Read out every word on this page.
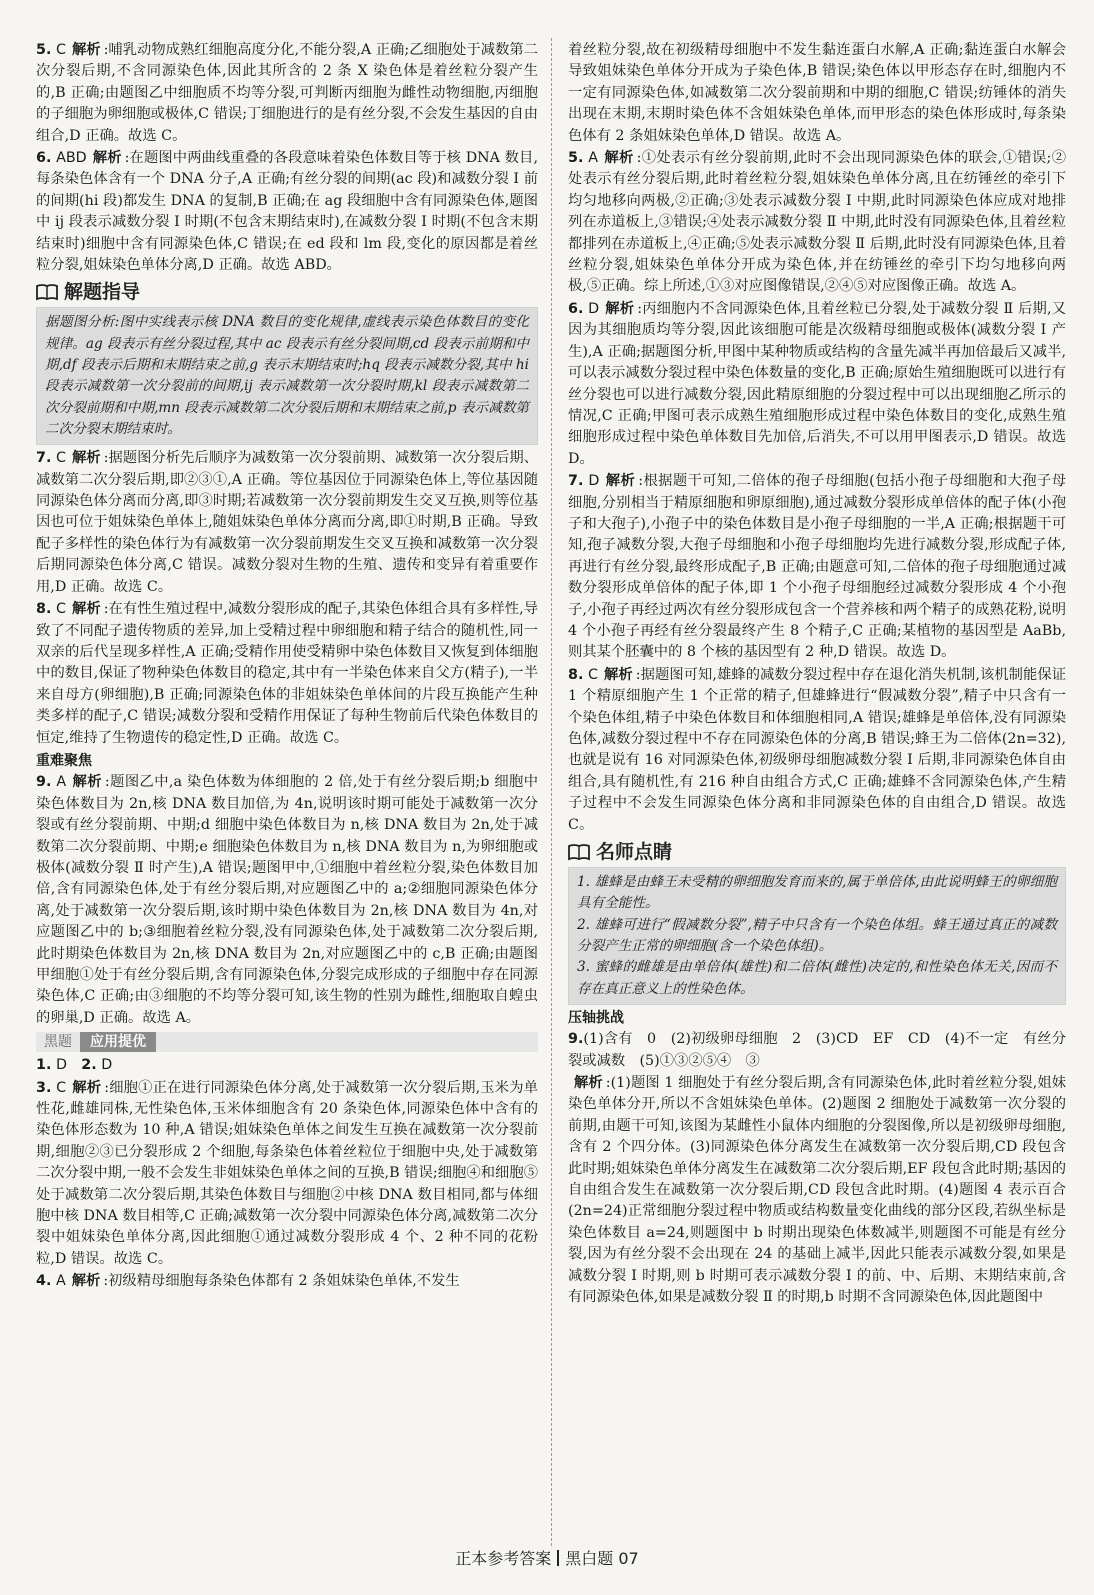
5. C 解析 :哺乳动物成熟红细胞高度分化,不能分裂,A 正确;乙细胞处于减数第二次分裂后期,不含同源染色体,因此其所含的 2 条 X 染色体是着丝粒分裂产生的,B 正确;由题图乙中细胞质不均等分裂,可判断丙细胞为雌性动物细胞,丙细胞的子细胞为卵细胞或极体,C 错误;丁细胞进行的是有丝分裂,不会发生基因的自由组合,D 正确。故选 C。

6. ABD 解析 :在题图中两曲线重叠的各段意味着染色体数目等于核 DNA 数目,每条染色体含有一个 DNA 分子,A 正确;有丝分裂的间期(ac 段)和减数分裂 Ⅰ 前的间期(hi 段)都发生 DNA 的复制,B 正确;在 ag 段细胞中含有同源染色体,题图中 ij 段表示减数分裂 Ⅰ 时期(不包含末期结束时),在减数分裂 Ⅰ 时期(不包含末期结束时)细胞中含有同源染色体,C 错误;在 ed 段和 lm 段,变化的原因都是着丝粒分裂,姐妹染色单体分离,D 正确。故选 ABD。

解题指导
据题图分析:图中实线表示核 DNA 数目的变化规律,虚线表示染色体数目的变化规律。ag 段表示有丝分裂过程,其中 ac 段表示有丝分裂间期,cd 段表示前期和中期,df 段表示后期和末期结束之前,g 表示末期结束时;hq 段表示减数分裂,其中 hi 段表示减数第一次分裂前的间期,ij 表示减数第一次分裂时期,kl 段表示减数第二次分裂前期和中期,mn 段表示减数第二次分裂后期和末期结束之前,p 表示减数第二次分裂末期结束时。

7. C 解析 :据题图分析先后顺序为减数第一次分裂前期、减数第一次分裂后期、减数第二次分裂后期,即②③①,A 正确。等位基因位于同源染色体上,等位基因随同源染色体分离而分离,即③时期;若减数第一次分裂前期发生交叉互换,则等位基因也可位于姐妹染色单体上,随姐妹染色单体分离而分离,即①时期,B 正确。导致配子多样性的染色体行为有减数第一次分裂前期发生交叉互换和减数第一次分裂后期同源染色体分离,C 错误。减数分裂对生物的生殖、遗传和变异有着重要作用,D 正确。故选 C。

8. C 解析 :在有性生殖过程中,减数分裂形成的配子,其染色体组合具有多样性,导致了不同配子遗传物质的差异,加上受精过程中卵细胞和精子结合的随机性,同一双亲的后代呈现多样性,A 正确;受精作用使受精卵中染色体数目又恢复到体细胞中的数目,保证了物种染色体数目的稳定,其中有一半染色体来自父方(精子),一半来自母方(卵细胞),B 正确;同源染色体的非姐妹染色单体间的片段互换能产生种类多样的配子,C 错误;减数分裂和受精作用保证了每种生物前后代染色体数目的恒定,维持了生物遗传的稳定性,D 正确。故选 C。

重难聚焦

9. A 解析 :题图乙中,a 染色体数为体细胞的 2 倍,处于有丝分裂后期;b 细胞中染色体数目为 2n,核 DNA 数目加倍,为 4n,说明该时期可能处于减数第一次分裂或有丝分裂前期、中期;d 细胞中染色体数目为 n,核 DNA 数目为 2n,处于减数第二次分裂前期、中期;e 细胞染色体数目为 n,核 DNA 数目为 n,为卵细胞或极体(减数分裂 Ⅱ 时产生),A 错误;题图甲中,①细胞中着丝粒分裂,染色体数目加倍,含有同源染色体,处于有丝分裂后期,对应题图乙中的 a;②细胞同源染色体分离,处于减数第一次分裂后期,该时期中染色体数目为 2n,核 DNA 数目为 4n,对应题图乙中的 b;③细胞着丝粒分裂,没有同源染色体,处于减数第二次分裂后期,此时期染色体数目为 2n,核 DNA 数目为 2n,对应题图乙中的 c,B 正确;由题图甲细胞①处于有丝分裂后期,含有同源染色体,分裂完成形成的子细胞中存在同源染色体,C 正确;由③细胞的不均等分裂可知,该生物的性别为雌性,细胞取自蝗虫的卵巢,D 正确。故选 A。

黑题	应用提优

1. D　 2. D

3. C 解析 :细胞①正在进行同源染色体分离,处于减数第一次分裂后期,玉米为单性花,雌雄同株,无性染色体,玉米体细胞含有 20 条染色体,同源染色体中含有的染色体形态数为 10 种,A 错误;姐妹染色单体之间发生互换在减数第一次分裂前期,细胞②③已分裂形成 2 个细胞,每条染色体着丝粒位于细胞中央,处于减数第二次分裂中期,一般不会发生非姐妹染色单体之间的互换,B 错误;细胞④和细胞⑤处于减数第二次分裂后期,其染色体数目与细胞②中核 DNA 数目相同,都与体细胞中核 DNA 数目相等,C 正确;减数第一次分裂中同源染色体分离,减数第二次分裂中姐妹染色单体分离,因此细胞①通过减数分裂形成 4 个、2 种不同的花粉粒,D 错误。故选 C。

4. A 解析 :初级精母细胞每条染色体都有 2 条姐妹染色单体,不发生

着丝粒分裂,故在初级精母细胞中不发生黏连蛋白水解,A 正确;黏连蛋白水解会导致姐妹染色单体分开成为子染色体,B 错误;染色体以甲形态存在时,细胞内不一定有同源染色体,如减数第二次分裂前期和中期的细胞,C 错误;纺锤体的消失出现在末期,末期时染色体不含姐妹染色单体,而甲形态的染色体形成时,每条染色体有 2 条姐妹染色单体,D 错误。故选 A。

5. A 解析 :①处表示有丝分裂前期,此时不会出现同源染色体的联会,①错误;②处表示有丝分裂后期,此时着丝粒分裂,姐妹染色单体分离,且在纺锤丝的牵引下均匀地移向两极,②正确;③处表示减数分裂 Ⅰ 中期,此时同源染色体应成对地排列在赤道板上,③错误;④处表示减数分裂 Ⅱ 中期,此时没有同源染色体,且着丝粒都排列在赤道板上,④正确;⑤处表示减数分裂 Ⅱ 后期,此时没有同源染色体,且着丝粒分裂,姐妹染色单体分开成为染色体,并在纺锤丝的牵引下均匀地移向两极,⑤正确。综上所述,①③对应图像错误,②④⑤对应图像正确。故选 A。

6. D 解析 :丙细胞内不含同源染色体,且着丝粒已分裂,处于减数分裂 Ⅱ 后期,又因为其细胞质均等分裂,因此该细胞可能是次级精母细胞或极体(减数分裂 Ⅰ 产生),A 正确;据题图分析,甲图中某种物质或结构的含量先减半再加倍最后又减半,可以表示减数分裂过程中染色体数量的变化,B 正确;原始生殖细胞既可以进行有丝分裂也可以进行减数分裂,因此精原细胞的分裂过程中可以出现细胞乙所示的情况,C 正确;甲图可表示成熟生殖细胞形成过程中染色体数目的变化,成熟生殖细胞形成过程中染色单体数目先加倍,后消失,不可以用甲图表示,D 错误。故选 D。

7. D 解析 :根据题干可知,二倍体的孢子母细胞(包括小孢子母细胞和大孢子母细胞,分别相当于精原细胞和卵原细胞),通过减数分裂形成单倍体的配子体(小孢子和大孢子),小孢子中的染色体数目是小孢子母细胞的一半,A 正确;根据题干可知,孢子减数分裂,大孢子母细胞和小孢子母细胞均先进行减数分裂,形成配子体,再进行有丝分裂,最终形成配子,B 正确;由题意可知,二倍体的孢子母细胞通过减数分裂形成单倍体的配子体,即 1 个小孢子母细胞经过减数分裂形成 4 个小孢子,小孢子再经过两次有丝分裂形成包含一个营养核和两个精子的成熟花粉,说明 4 个小孢子再经有丝分裂最终产生 8 个精子,C 正确;某植物的基因型是 AaBb,则其某个胚囊中的 8 个核的基因型有 2 种,D 错误。故选 D。

8. C 解析 :据题图可知,雄蜂的减数分裂过程中存在退化消失机制,该机制能保证 1 个精原细胞产生 1 个正常的精子,但雄蜂进行“假减数分裂”,精子中只含有一个染色体组,精子中染色体数目和体细胞相同,A 错误;雄蜂是单倍体,没有同源染色体,减数分裂过程中不存在同源染色体的分离,B 错误;蜂王为二倍体(2n=32),也就是说有 16 对同源染色体,初级卵母细胞减数分裂 Ⅰ 后期,非同源染色体自由组合,具有随机性,有 216 种自由组合方式,C 正确;雄蜂不含同源染色体,产生精子过程中不会发生同源染色体分离和非同源染色体的自由组合,D 错误。故选 C。

名师点睛
1. 雄蜂是由蜂王未受精的卵细胞发育而来的,属于单倍体,由此说明蜂王的卵细胞具有全能性。
2. 雄蜂可进行“假减数分裂”,精子中只含有一个染色体组。蜂王通过真正的减数分裂产生正常的卵细胞(含一个染色体组)。
3. 蜜蜂的雌雄是由单倍体(雄性)和二倍体(雌性)决定的,和性染色体无关,因而不存在真正意义上的性染色体。
压轴挑战

9.(1)含有　0　(2)初级卵母细胞　2　(3)CD　EF　CD　(4)不一定　有丝分裂或减数　(5)①③②⑤④　③

解析 :(1)题图 1 细胞处于有丝分裂后期,含有同源染色体,此时着丝粒分裂,姐妹染色单体分开,所以不含姐妹染色单体。(2)题图 2 细胞处于减数第一次分裂的前期,由题干可知,该图为某雌性小鼠体内细胞的分裂图像,所以是初级卵母细胞,含有 2 个四分体。(3)同源染色体分离发生在减数第一次分裂后期,CD 段包含此时期;姐妹染色单体分离发生在减数第二次分裂后期,EF 段包含此时期;基因的自由组合发生在减数第一次分裂后期,CD 段包含此时期。(4)题图 4 表示百合(2n=24)正常细胞分裂过程中物质或结构数量变化曲线的部分区段,若纵坐标是染色体数目 a=24,则题图中 b 时期出现染色体数减半,则题图不可能是有丝分裂,因为有丝分裂不会出现在 24 的基础上减半,因此只能表示减数分裂,如果是减数分裂 Ⅰ 时期,则 b 时期可表示减数分裂 Ⅰ 的前、中、后期、末期结束前,含有同源染色体,如果是减数分裂 Ⅱ 的时期,b 时期不含同源染色体,因此题图中

正本参考答案 黑白题 07
